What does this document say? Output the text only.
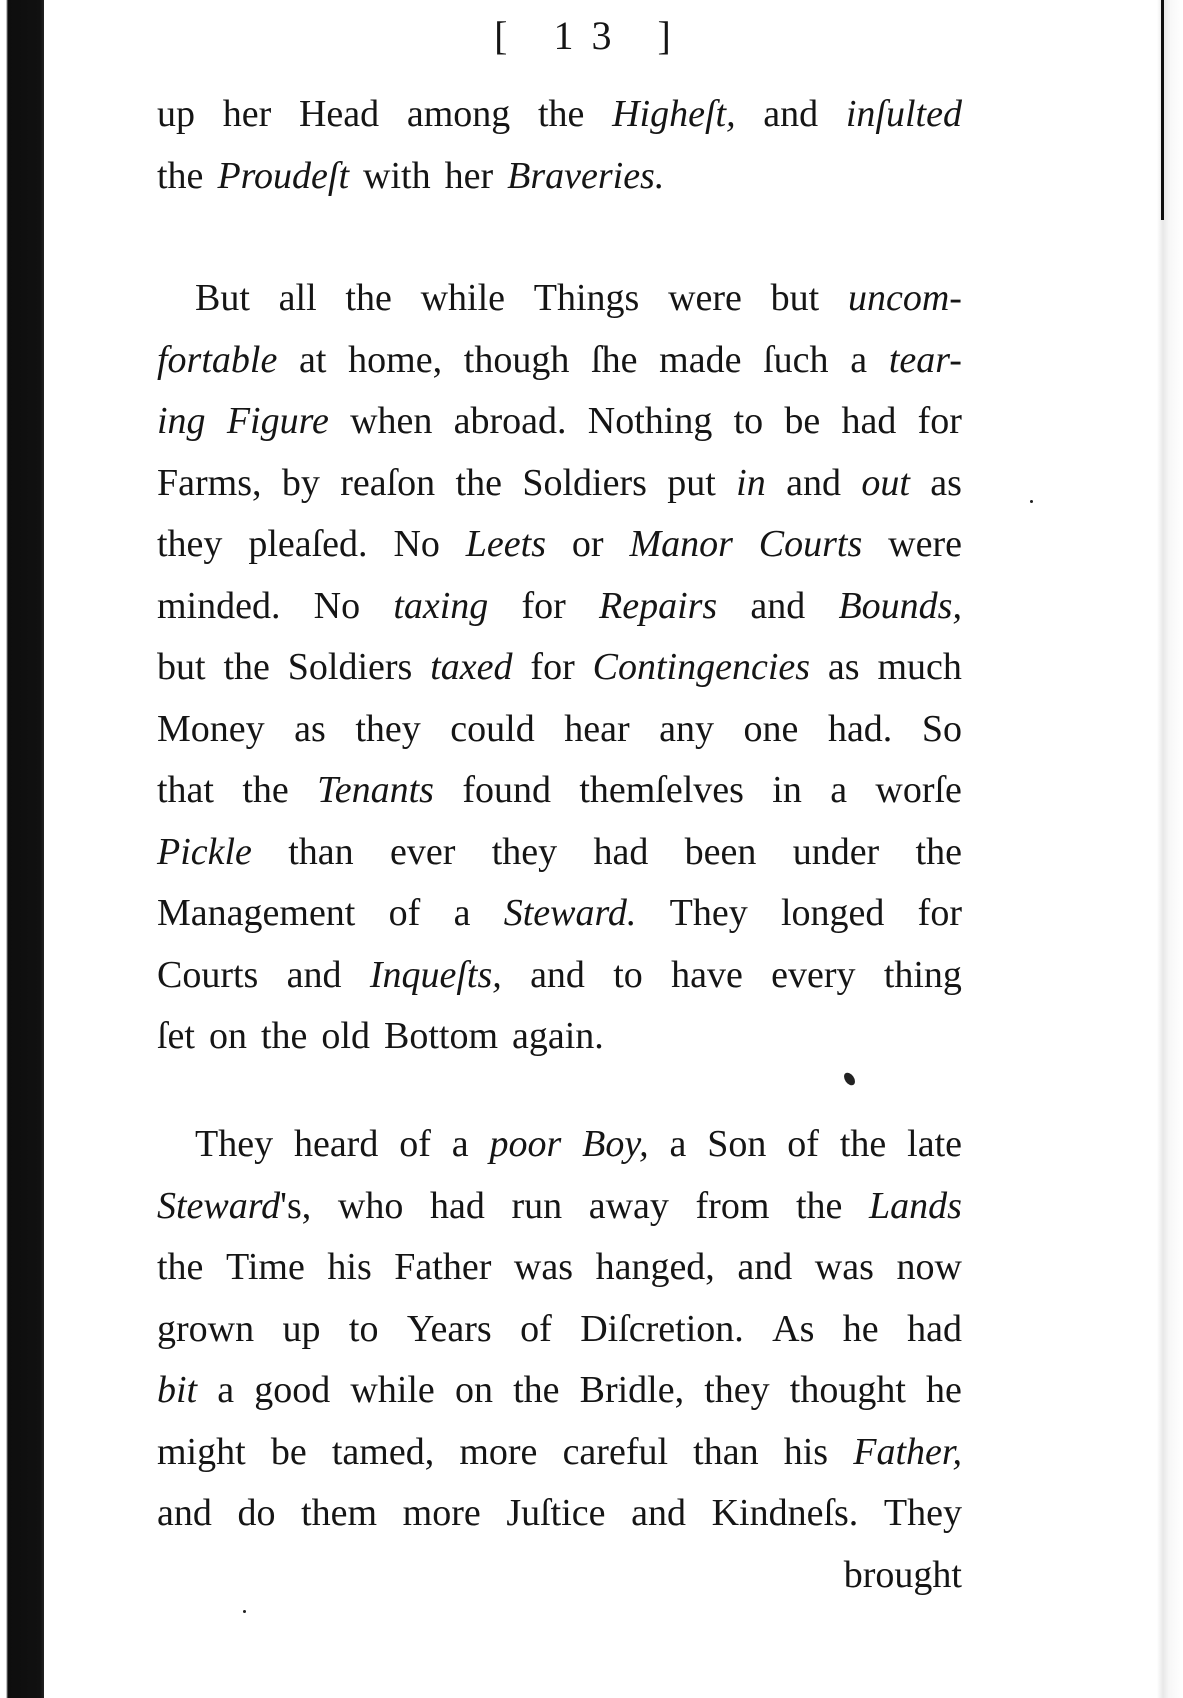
[ 13 ]
up her Head among the Higheſt, and inſulted
the Proudeſt with her Braveries.
But all the while Things were but uncom-
fortable at home, though ſhe made ſuch a tear-
ing Figure when abroad. Nothing to be had for
Farms, by reaſon the Soldiers put in and out as
they pleaſed. No Leets or Manor Courts were
minded. No taxing for Repairs and Bounds,
but the Soldiers taxed for Contingencies as much
Money as they could hear any one had. So
that the Tenants found themſelves in a worſe
Pickle than ever they had been under the
Management of a Steward. They longed for
Courts and Inqueſts, and to have every thing
ſet on the old Bottom again.
They heard of a poor Boy, a Son of the late
Steward's, who had run away from the Lands
the Time his Father was hanged, and was now
grown up to Years of Diſcretion. As he had
bit a good while on the Bridle, they thought he
might be tamed, more careful than his Father,
and do them more Juſtice and Kindneſs. They
brought
